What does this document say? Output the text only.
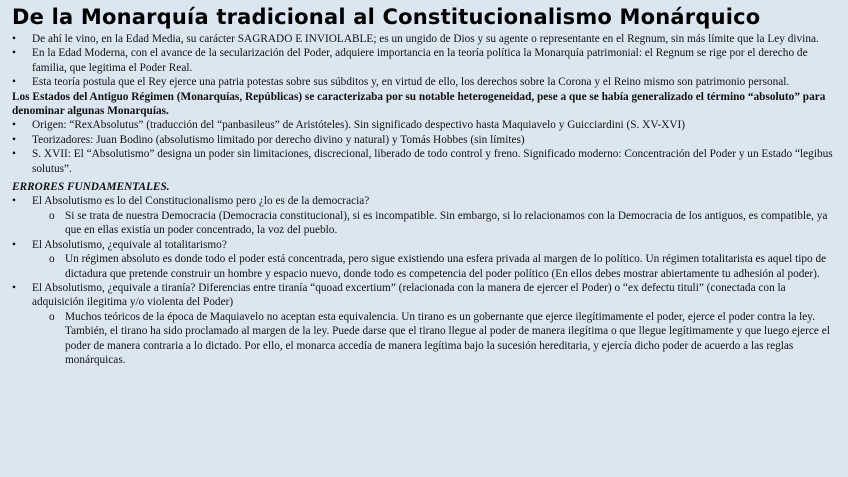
De la Monarquía tradicional al Constitucionalismo Monárquico
• De ahí le vino, en la Edad Media, su carácter SAGRADO E INVIOLABLE; es un ungido de Dios y su agente o representante en el Regnum, sin más límite que la Ley divina.
• En la Edad Moderna, con el avance de la secularización del Poder, adquiere importancia en la teoría política la Monarquía patrimonial: el Regnum se rige por el derecho de familia, que legitima el Poder Real.
• Esta teoría postula que el Rey ejerce una patria potestas sobre sus súbditos y, en virtud de ello, los derechos sobre la Corona y el Reino mismo son patrimonio personal.
Los Estados del Antiguo Régimen (Monarquías, Repúblicas) se caracterizaba por su notable heterogeneidad, pese a que se había generalizado el término “absoluto” para denominar algunas Monarquías.
• Origen: “RexAbsolutus” (traducción del “panbasileus” de Aristóteles). Sin significado despectivo hasta Maquiavelo y Guicciardini (S. XV-XVI)
• Teorizadores: Juan Bodino (absolutismo limitado por derecho divino y natural) y Tomás Hobbes (sin límites)
• S. XVII: El “Absolutismo” designa un poder sin limitaciones, discrecional, liberado de todo control y freno. Significado moderno: Concentración del Poder y un Estado “legibus solutus”.
ERRORES FUNDAMENTALES.
• El Absolutismo es lo del Constitucionalismo pero ¿lo es de la democracia?
o Si se trata de nuestra Democracia (Democracia constitucional), si es incompatible. Sin embargo, si lo relacionamos con la Democracia de los antiguos, es compatible, ya que en ellas existía un poder concentrado, la voz del pueblo.
• El Absolutismo, ¿equivale al totalitarismo?
o Un régimen absoluto es donde todo el poder está concentrada, pero sigue existiendo una esfera privada al margen de lo político. Un régimen totalitarista es aquel tipo de dictadura que pretende construir un hombre y espacio nuevo, donde todo es competencia del poder político (En ellos debes mostrar abiertamente tu adhesión al poder).
• El Absolutismo, ¿equivale a tiranía? Diferencias entre tiranía “quoad excertium” (relacionada con la manera de ejercer el Poder) o “ex defectu tituli” (conectada con la adquisición ilegitima y/o violenta del Poder)
o Muchos teóricos de la época de Maquiavelo no aceptan esta equivalencia. Un tirano es un gobernante que ejerce ilegítimamente el poder, ejerce el poder contra la ley. También, el tirano ha sido proclamado al margen de la ley. Puede darse que el tirano llegue al poder de manera ilegítima o que llegue legítimamente y que luego ejerce el poder de manera contraria a lo dictado. Por ello, el monarca accedía de manera legítima bajo la sucesión hereditaria, y ejercía dicho poder de acuerdo a las reglas monárquicas.
